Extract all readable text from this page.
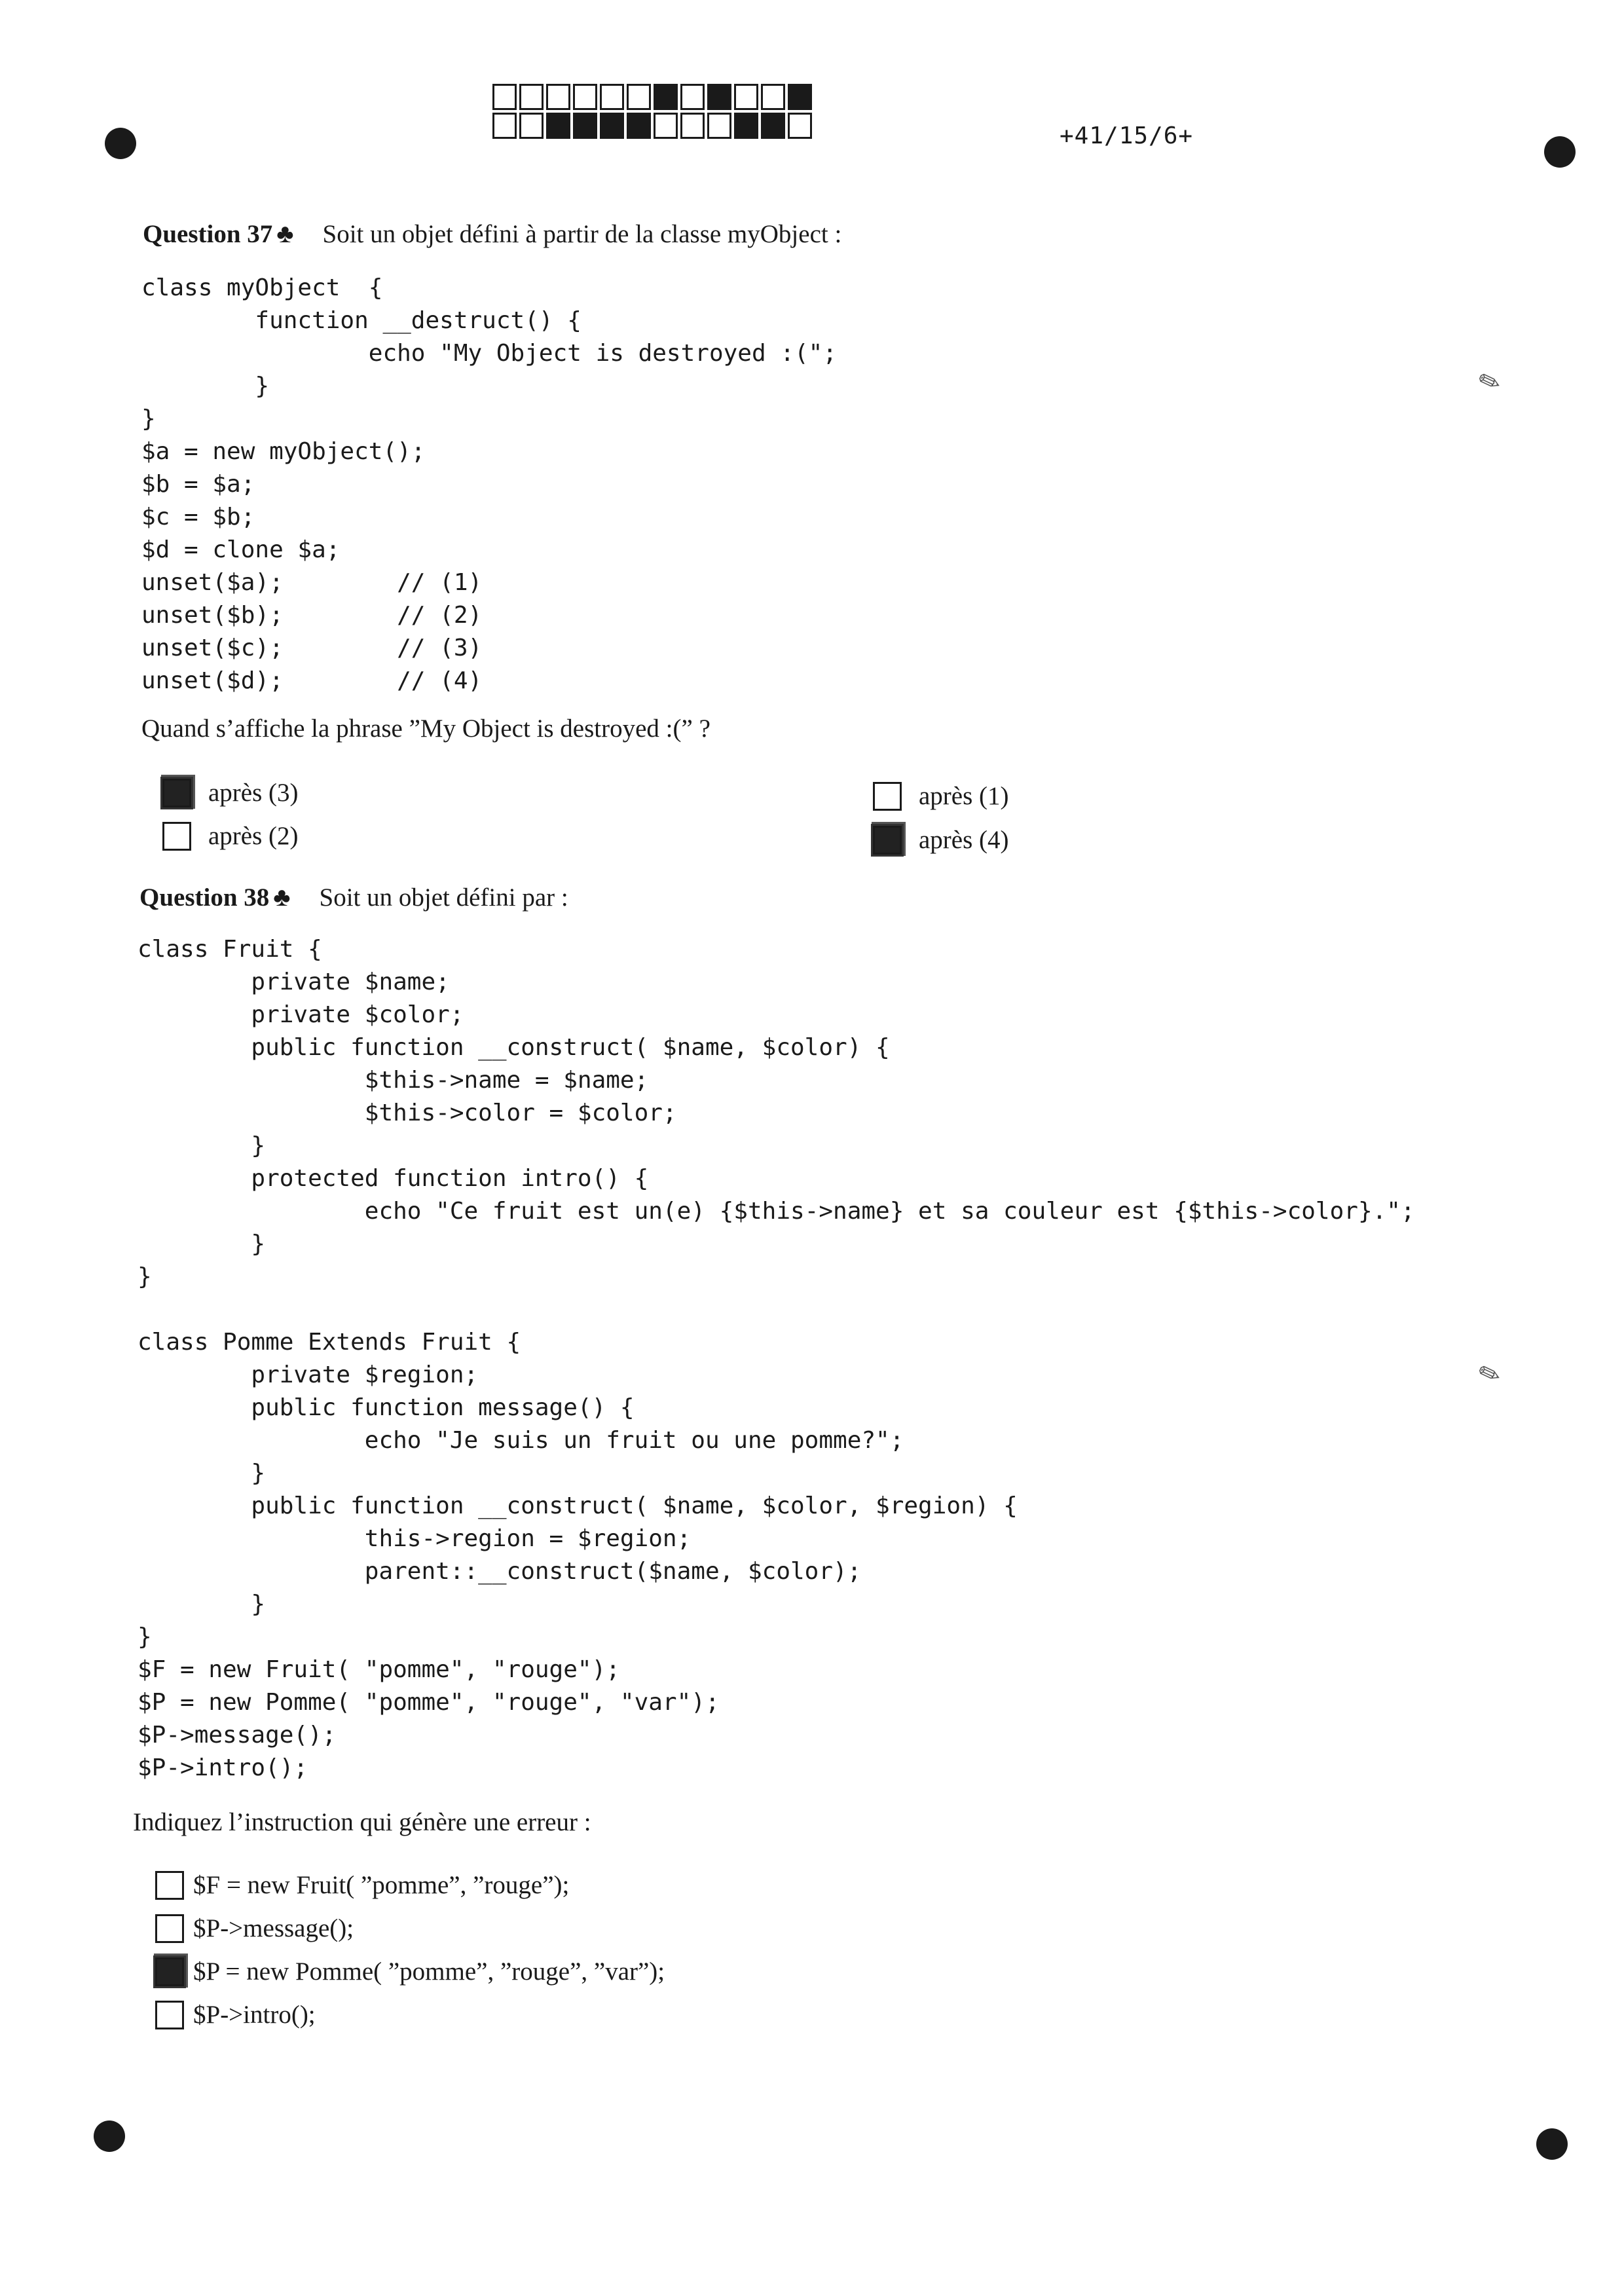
+41/15/6+
✎
✎
Question 37 ♣ Soit un objet défini à partir de la classe myObject :
class myObject  {
function __destruct() {
echo "My Object is destroyed :(";
}
}
$a = new myObject();
$b = $a;
$c = $b;
$d = clone $a;
unset($a);        // (1)
unset($b);        // (2)
unset($c);        // (3)
unset($d);        // (4)
Quand s’affiche la phrase ”My Object is destroyed :(” ?
après (3)
après (2)
après (1)
après (4)
Question 38 ♣ Soit un objet défini par :
class Fruit {
private $name;
private $color;
public function __construct( $name, $color) {
$this->name = $name;
$this->color = $color;
}
protected function intro() {
echo "Ce fruit est un(e) {$this->name} et sa couleur est {$this->color}.";
}
}

class Pomme Extends Fruit {
private $region;
public function message() {
echo "Je suis un fruit ou une pomme?";
}
public function __construct( $name, $color, $region) {
this->region = $region;
parent::__construct($name, $color);
}
}
$F = new Fruit( "pomme", "rouge");
$P = new Pomme( "pomme", "rouge", "var");
$P->message();
$P->intro();
Indiquez l’instruction qui génère une erreur :
$F = new Fruit( ”pomme”, ”rouge”);
$P->message();
$P = new Pomme( ”pomme”, ”rouge”, ”var”);
$P->intro();
